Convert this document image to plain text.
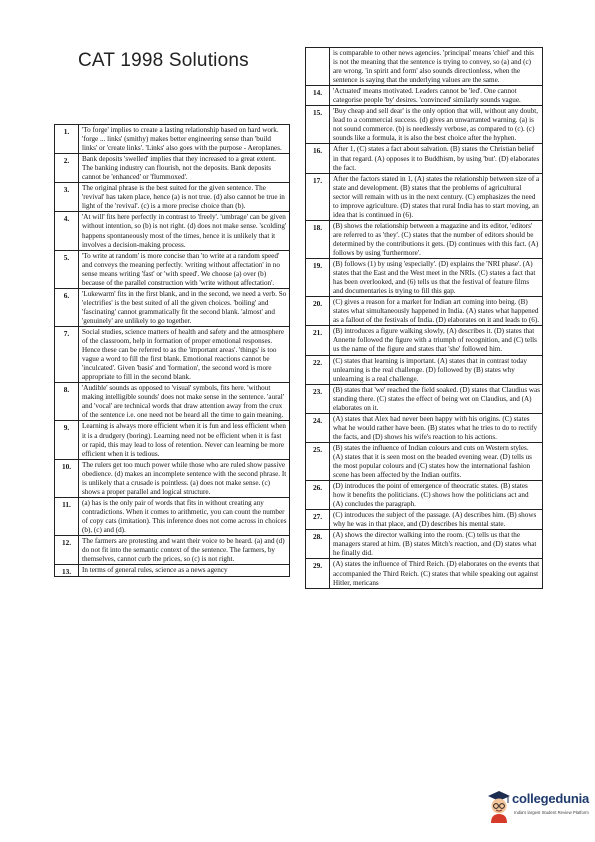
CAT 1998 Solutions
1.	'To forge' implies to create a lasting relationship based on hard work. 'forge ... links' (smithy) makes better engineering sense than 'build links' or 'create links'. 'Links' also goes with the purpose - Aeroplanes.
2.	Bank deposits 'swelled' implies that they increased to a great extent. The banking industry can flourish, not the deposits. Bank deposits cannot be 'enhanced' or 'flummoxed'.
3.	The original phrase is the best suited for the given sentence. The 'revival' has taken place, hence (a) is not true. (d) also cannot be true in light of the 'revival'. (c) is a more precise choice than (b).
4.	'At will' fits here perfectly in contrast to 'freely'. 'umbrage' can be given without intention, so (b) is not right. (d) does not make sense. 'scolding' happens spontaneously most of the times, hence it is unlikely that it involves a decision-making process.
5.	'To write at random' is more concise than 'to write at a random speed' and conveys the meaning perfectly. 'writing without affectation' in no sense means writing 'fast' or 'with speed'. We choose (a) over (b) because of the parallel construction with 'write without affectation'.
6.	'Lukewarm' fits in the first blank, and in the second, we need a verb. So 'electrifies' is the best suited of all the given choices. 'boiling' and 'fascinating' cannot grammatically fit the second blank. 'almost' and 'genuinely' are unlikely to go together.
7.	Social studies, science matters of health and safety and the atmosphere of the classroom, help in formation of proper emotional responses. Hence these can be referred to as the 'important areas'. 'things' is too vague a word to fill the first blank. Emotional reactions cannot be 'inculcated'. Given 'basis' and 'formation', the second word is more appropriate to fill in the second blank.
8.	'Audible' sounds as opposed to 'visual' symbols, fits here. 'without making intelligible sounds' does not make sense in the sentence. 'aural' and 'vocal' are technical words that draw attention away from the crux of the sentence i.e. one need not be heard all the time to gain meaning.
9.	Learning is always more efficient when it is fun and less efficient when it is a drudgery (boring). Learning need not be efficient when it is fast or rapid, this may lead to loss of retention. Never can learning be more efficient when it is tedious.
10.	The rulers get too much power while those who are ruled show passive obedience. (d) makes an incomplete sentence with the second phrase. It is unlikely that a crusade is pointless. (a) does not make sense. (c) shows a proper parallel and logical structure.
11.	(a) has is the only pair of words that fits in without creating any contradictions. When it comes to arithmetic, you can count the number of copy cats (imitation). This inference does not come across in choices (b), (c) and (d).
12.	The farmers are protesting and want their voice to be heard. (a) and (d) do not fit into the semantic context of the sentence. The farmers, by themselves, cannot curb the prices, so (c) is not right.
13.	In terms of general rules, science as a news agency
	is comparable to other news agencies. 'principal' means 'chief' and this is not the meaning that the sentence is trying to convey, so (a) and (c) are wrong. 'in spirit and form' also sounds directionless, when the sentence is saying that the underlying values are the same.
14.	'Actuated' means motivated. Leaders cannot be 'led'. One cannot categorise people 'by' desires. 'convinced' similarly sounds vague.
15.	'Buy cheap and sell dear' is the only option that will, without any doubt, lead to a commercial success. (d) gives an unwarranted warning. (a) is not sound commerce. (b) is needlessly verbose, as compared to (c). (c) sounds like a formula, it is also the best choice after the hyphen.
16.	After 1, (C) states a fact about salvation. (B) states the Christian belief in that regard. (A) opposes it to Buddhism, by using 'but'. (D) elaborates the fact.
17.	After the factors stated in 1, (A) states the relationship between size of a state and development. (B) states that the problems of agricultural sector will remain with us in the next century. (C) emphasizes the need to improve agriculture. (D) states that rural India has to start moving, an idea that is continued in (6).
18.	(B) shows the relationship between a magazine and its editor, 'editors' are referred to as 'they'. (C) states that the number of editors should be determined by the contributions it gets. (D) continues with this fact. (A) follows by using 'furthermore'.
19.	(B) follows (1) by using 'especially'. (D) explains the 'NRI phase'. (A) states that the East and the West meet in the NRIs. (C) states a fact that has been overlooked, and (6) tells us that the festival of feature films and documentaries is trying to fill this gap.
20.	(C) gives a reason for a market for Indian art coming into being. (B) states what simultaneously happened in India. (A) states what happened as a fallout of the festivals of India. (D) elaborates on it and leads to (6).
21.	(B) introduces a figure walking slowly, (A) describes it. (D) states that Annette followed the figure with a triumph of recognition, and (C) tells us the name of the figure and states that 'she' followed him.
22.	(C) states that learning is important. (A) states that in contrast today unlearning is the real challenge. (D) followed by (B) states why unlearning is a real challenge.
23.	(B) states that 'we' reached the field soaked. (D) states that Claudius was standing there. (C) states the effect of being wet on Claudius, and (A) elaborates on it.
24.	(A) states that Alex had never been happy with his origins. (C) states what he would rather have been. (B) states what he tries to do to rectify the facts, and (D) shows his wife's reaction to his actions.
25.	(B) states the influence of Indian colours and cuts on Western styles. (A) states that it is seen most on the beaded evening wear. (D) tells us the most popular colours and (C) states how the international fashion scene has been affected by the Indian outfits.
26.	(D) introduces the point of emergence of theocratic states. (B) states how it benefits the politicians. (C) shows how the politicians act and (A) concludes the paragraph.
27.	(C) introduces the subject of the passage. (A) describes him. (B) shows why he was in that place, and (D) describes his mental state.
28.	(A) shows the director walking into the room. (C) tells us that the managers stared at him. (B) states Mitch's reaction, and (D) states what he finally did.
29.	(A) states the influence of Third Reich. (D) elaborates on the events that accompanied the Third Reich. (C) states that while speaking out against Hitler, mericans
collegedunia
India's largest Student Review Platform
